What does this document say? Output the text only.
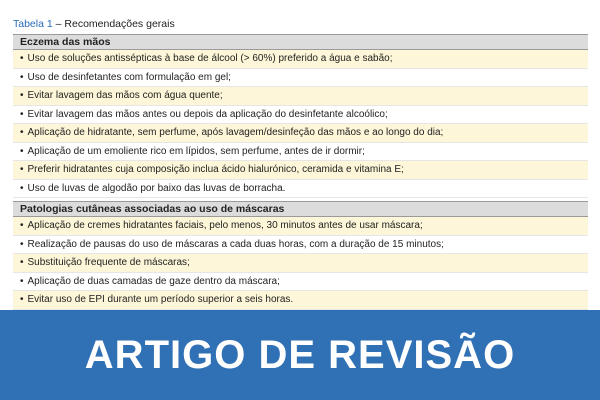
Tabela 1 – Recomendações gerais
Eczema das mãos
• Uso de soluções antissépticas à base de álcool (> 60%) preferido a água e sabão;
• Uso de desinfetantes com formulação em gel;
• Evitar lavagem das mãos com água quente;
• Evitar lavagem das mãos antes ou depois da aplicação do desinfetante alcoólico;
• Aplicação de hidratante, sem perfume, após lavagem/desinfeção das mãos e ao longo do dia;
• Aplicação de um emoliente rico em lípidos, sem perfume, antes de ir dormir;
• Preferir hidratantes cuja composição inclua ácido hialurónico, ceramida e vitamina E;
• Uso de luvas de algodão por baixo das luvas de borracha.
Patologias cutâneas associadas ao uso de máscaras
• Aplicação de cremes hidratantes faciais, pelo menos, 30 minutos antes de usar máscara;
• Realização de pausas do uso de máscaras a cada duas horas, com a duração de 15 minutos;
• Substituição frequente de máscaras;
• Aplicação de duas camadas de gaze dentro da máscara;
• Evitar uso de EPI durante um período superior a seis horas.
ARTIGO DE REVISÃO
